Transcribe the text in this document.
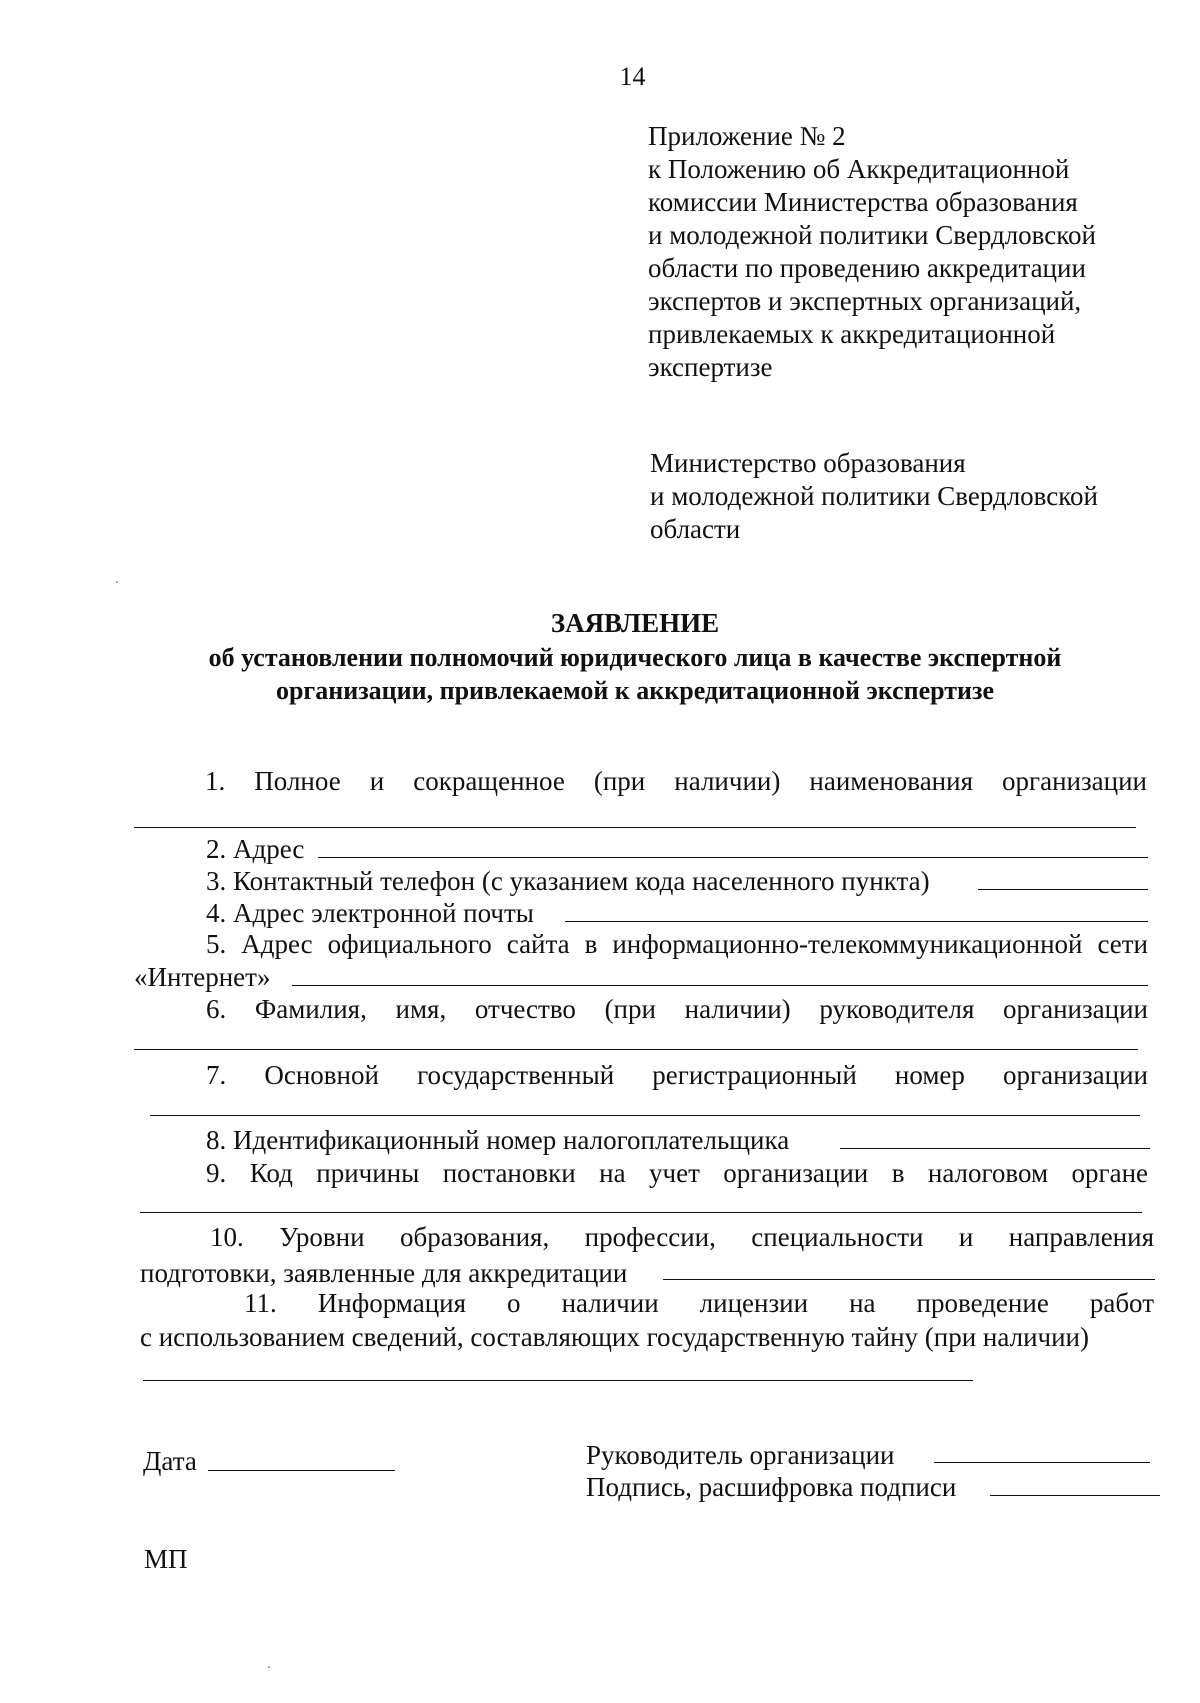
14
Приложение № 2
к Положению об Аккредитационной
комиссии Министерства образования
и молодежной политики Свердловской
области по проведению аккредитации
экспертов и экспертных организаций,
привлекаемых к аккредитационной
экспертизе
Министерство образования
и молодежной политики Свердловской
области
ЗАЯВЛЕНИЕ
об установлении полномочий юридического лица в качестве экспертной
организации, привлекаемой к аккредитационной экспертизе
1. Полное и сокращенное (при наличии) наименования организации
2. Адрес
3. Контактный телефон (с указанием кода населенного пункта)
4. Адрес электронной почты
5. Адрес официального сайта в информационно-телекоммуникационной сети
«Интернет»
6. Фамилия, имя, отчество (при наличии) руководителя организации
7. Основной государственный регистрационный номер организации
8. Идентификационный номер налогоплательщика
9. Код причины постановки на учет организации в налоговом органе
10. Уровни образования, профессии, специальности и направления
подготовки, заявленные для аккредитации
11. Информация о наличии лицензии на проведение работ
с использованием сведений, составляющих государственную тайну (при наличии)
Дата	Руководитель организации
Подпись, расшифровка подписи
МП
